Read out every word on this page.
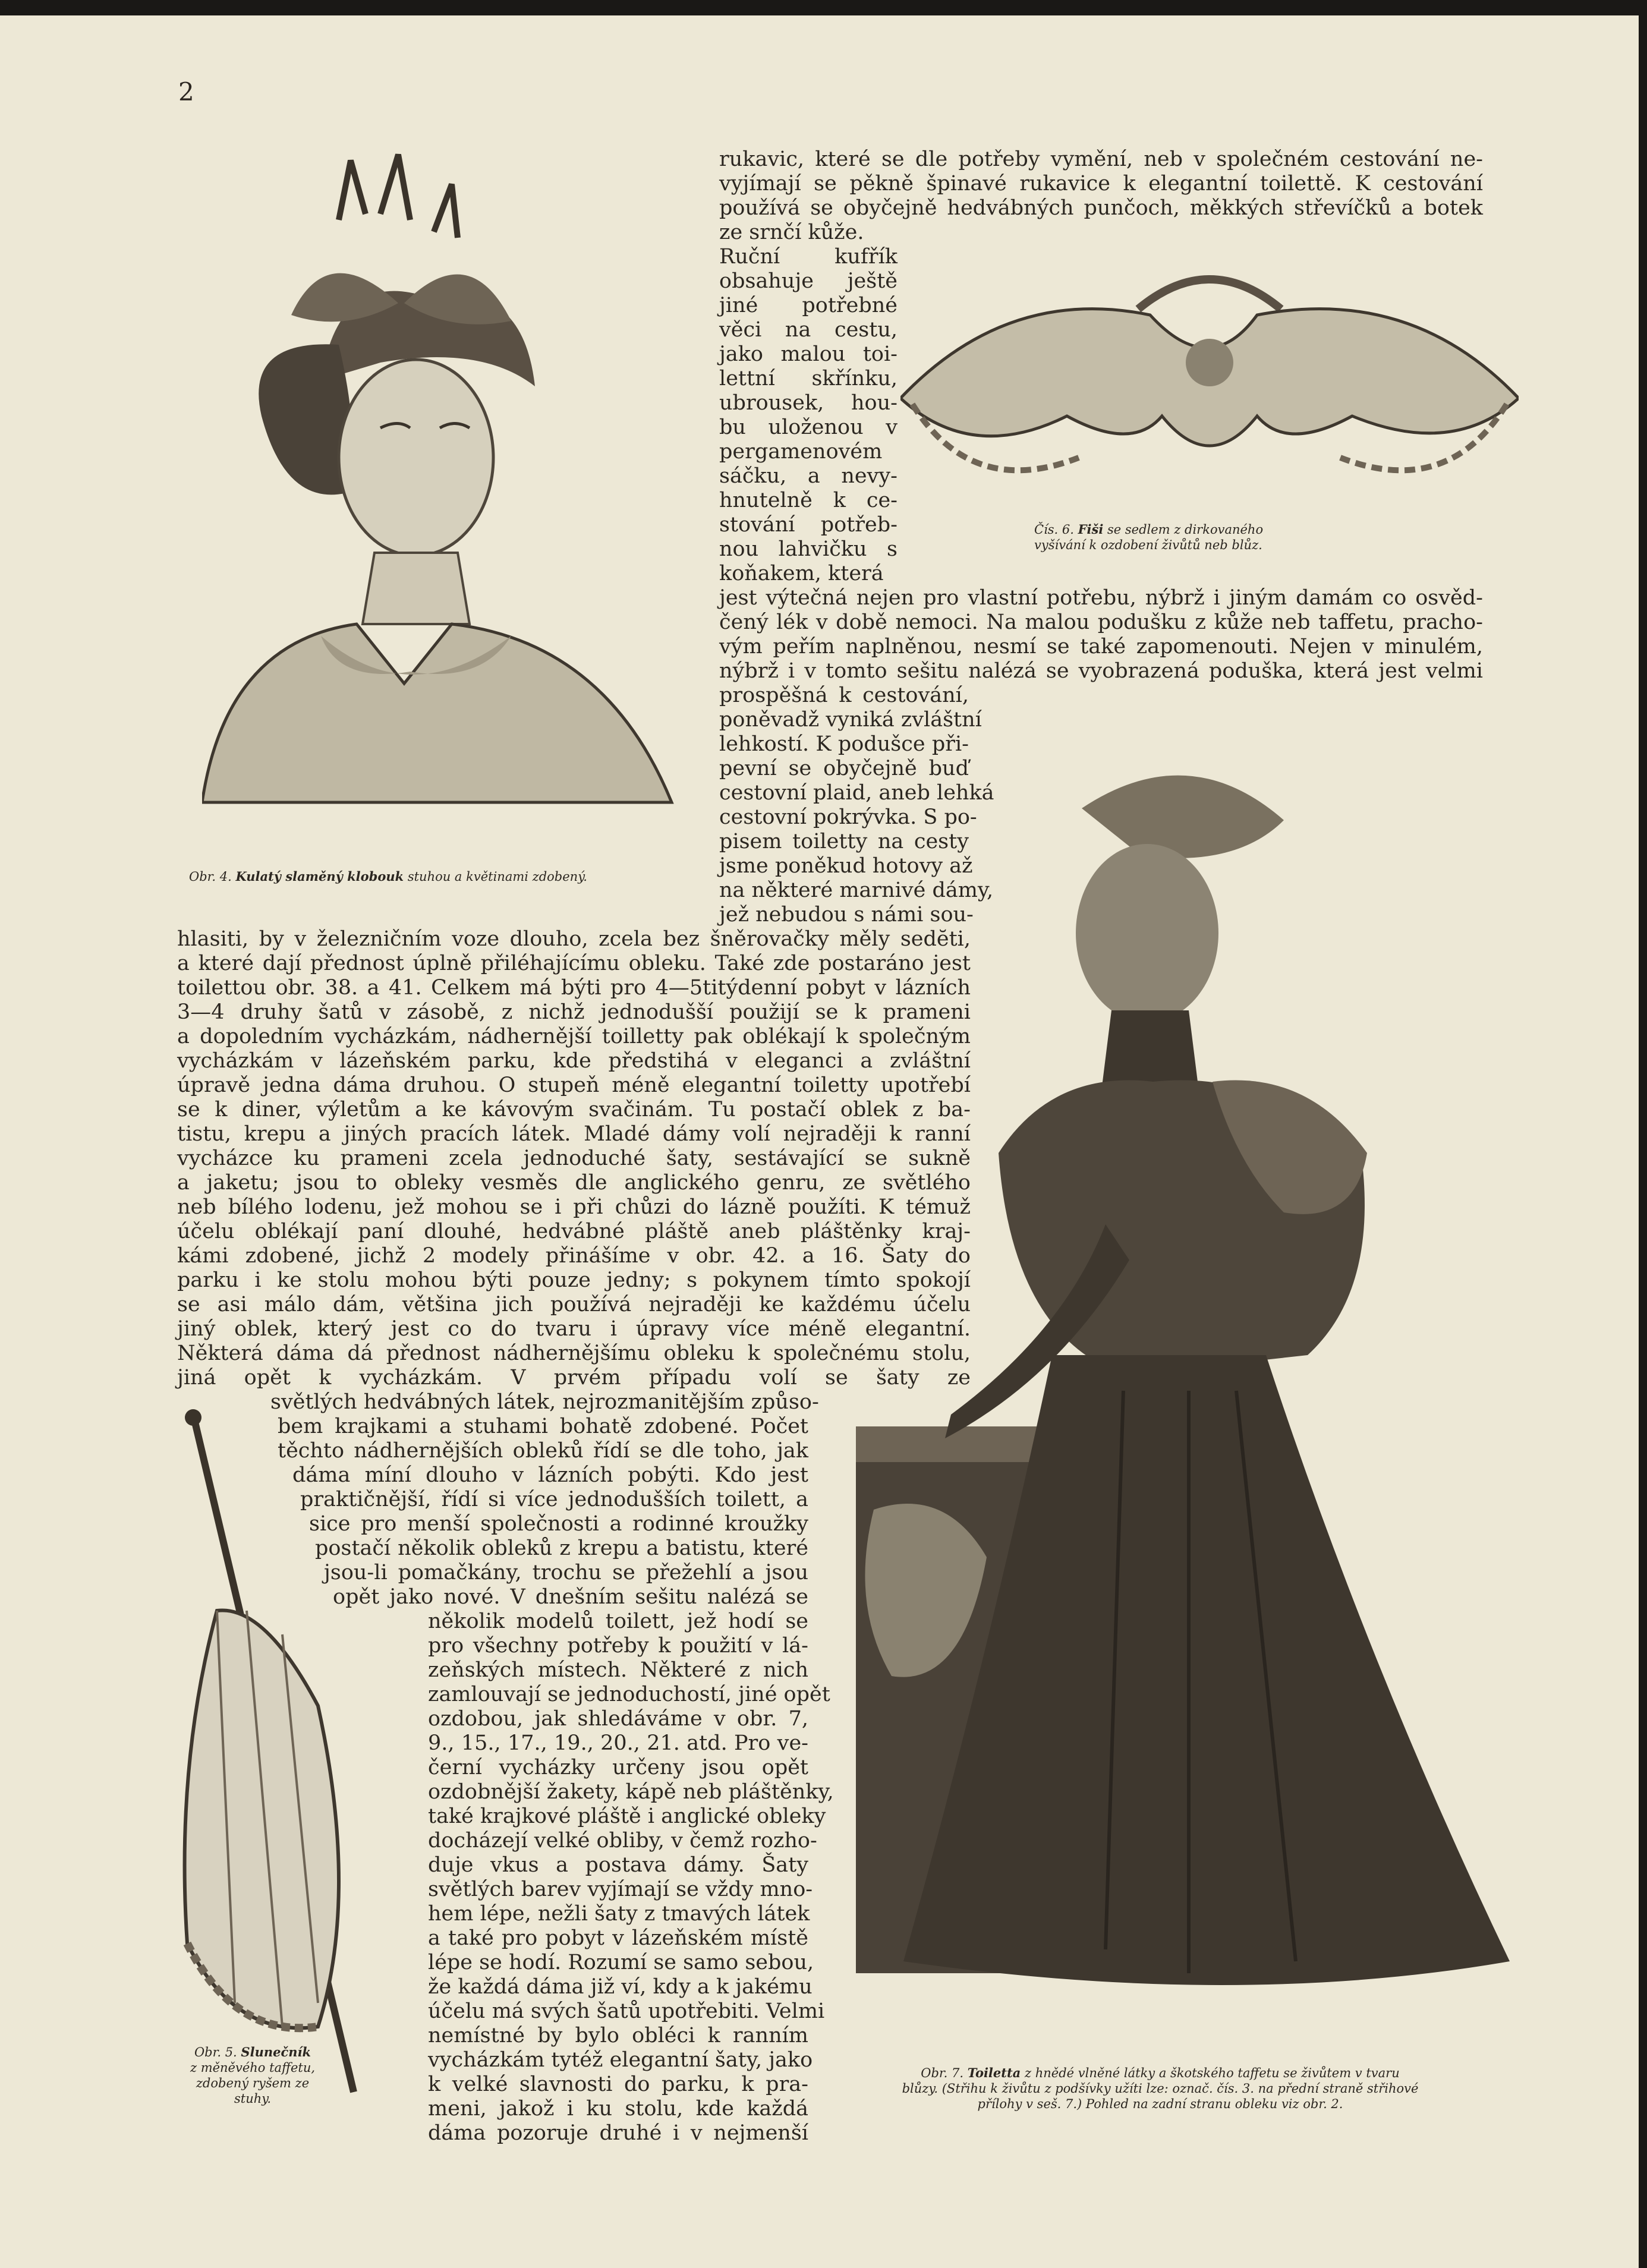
2
rukavic, které se dle potřeby vymění, neb v společném cestování ne-
vyjímají se pěkně špinavé rukavice k elegantní toilettě. K cestování
používá se obyčejně hedvábných punčoch, měkkých střevíčků a botek
ze srnčí kůže.
Ruční kufřík
obsahuje ještě
jiné potřebné
věci na cestu,
jako malou toi-
lettní skřínku,
ubrousek, hou-
bu uloženou v
pergamenovém
sáčku, a nevy-
hnutelně k ce-
stování potřeb-
nou lahvičku s
koňakem, která

Čís. 6. Fiši se sedlem z dirkovaného
vyšívání k ozdobení živůtů neb blůz.

jest výtečná nejen pro vlastní potřebu, nýbrž i jiným damám co osvěd-
čený lék v době nemoci. Na malou podušku z kůže neb taffetu, pracho-
vým peřím naplněnou, nesmí se také zapomenouti. Nejen v minulém,
nýbrž i v tomto sešitu nalézá se vyobrazená poduška, která jest velmi
prospěšná k cestování,
poněvadž vyniká zvláštní
lehkostí. K podušce při-
pevní se obyčejně buď
cestovní plaid, aneb lehká
cestovní pokrývka. S po-
pisem toiletty na cesty
jsme poněkud hotovy až
na některé marnivé dámy,
jež nebudou s námi sou-

Obr. 4. Kulatý slaměný klobouk stuhou a květinami zdobený.

hlasiti, by v železničním voze dlouho, zcela bez šněrovačky měly sedĕti,
a které dají přednost úplně přiléhajícímu obleku. Také zde postaráno jest
toilettou obr. 38. a 41. Celkem má býti pro 4—5titýdenní pobyt v lázních
3—4 druhy šatů v zásobě, z nichž jednodušší použijí se k prameni
a dopoledním vycházkám, nádhernější toilletty pak oblékají k společným
vycházkám v lázeňském parku, kde předstihá v eleganci a zvláštní
úpravě jedna dáma druhou. O stupeň méně elegantní toiletty upotřebí
se k diner, výletům a ke kávovým svačinám. Tu postačí oblek z ba-
tistu, krepu a jiných pracích látek. Mladé dámy volí nejraději k ranní
vycházce ku prameni zcela jednoduché šaty, sestávající se sukně
a jaketu; jsou to obleky vesměs dle anglického genru, ze světlého
neb bílého lodenu, jež mohou se i při chůzi do lázně použíti. K témuž
účelu oblékají paní dlouhé, hedvábné pláště aneb pláštěnky kraj-
kámi zdobené, jichž 2 modely přinášíme v obr. 42. a 16. Šaty do
parku i ke stolu mohou býti pouze jedny; s pokynem tímto spokojí
se asi málo dám, většina jich používá nejraději ke každému účelu
jiný oblek, který jest co do tvaru i úpravy více méně elegantní.
Některá dáma dá přednost nádhernějšímu obleku k společnému stolu,
jiná opět k vycházkám. V prvém případu volí se šaty ze
světlých hedvábných látek, nejrozmanitějším způso-
bem krajkami a stuhami bohatě zdobené. Počet
těchto nádhernějších obleků řídí se dle toho, jak
dáma míní dlouho v lázních pobýti. Kdo jest
praktičnější, řídí si více jednodušších toilett, a
sice pro menší společnosti a rodinné kroužky
postačí několik obleků z krepu a batistu, které
jsou-li pomačkány, trochu se přežehlí a jsou
opět jako nové. V dnešním sešitu nalézá se
několik modelů toilett, jež hodí se
pro všechny potřeby k použití v lá-
zeňských místech. Některé z nich
zamlouvají se jednoduchostí, jiné opět
ozdobou, jak shledáváme v obr. 7,
9., 15., 17., 19., 20., 21. atd. Pro ve-
černí vycházky určeny jsou opět
ozdobnější žakety, kápě neb pláštěnky,
také krajkové pláště i anglické obleky
docházejí velké obliby, v čemž rozho-
duje vkus a postava dámy. Šaty
světlých barev vyjímají se vždy mno-
hem lépe, nežli šaty z tmavých látek
a také pro pobyt v lázeňském místě
lépe se hodí. Rozumí se samo sebou,
že každá dáma již ví, kdy a k jakému
účelu má svých šatů upotřebiti. Velmi
nemístné by bylo obléci k ranním
vycházkám tytéž elegantní šaty, jako
k velké slavnosti do parku, k pra-
meni, jakož i ku stolu, kde každá
dáma pozoruje druhé i v nejmenší

Obr. 5. Slunečník
z měněvého taffetu,
zdobený ryšem ze
stuhy.

Obr. 7. Toiletta z hnědé vlněné látky a škotského taffetu se živůtem v tvaru
blůzy. (Střihu k živůtu z podšívky užíti lze: označ. čís. 3. na přední straně střihové
přílohy v seš. 7.) Pohled na zadní stranu obleku viz obr. 2.
